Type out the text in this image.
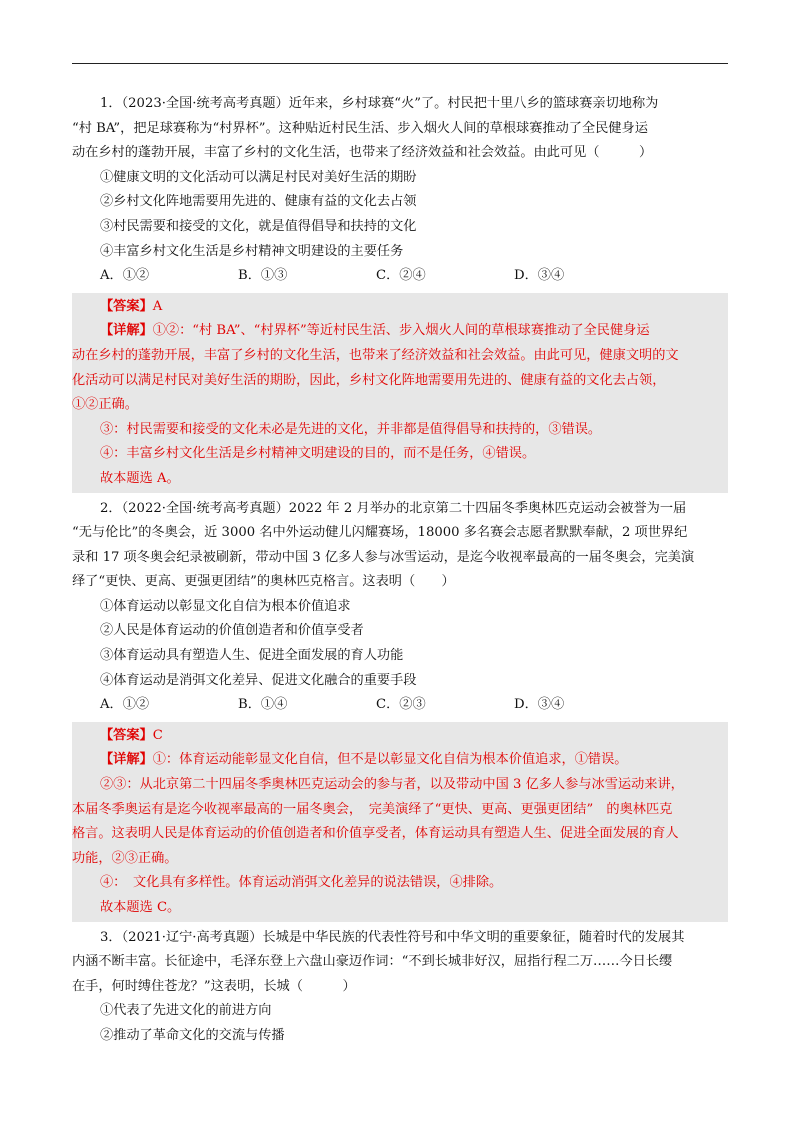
1．（2023·全国·统考高考真题）近年来，乡村球赛“火”了。村民把十里八乡的篮球赛亲切地称为
“村 BA”，把足球赛称为“村界杯”。这种贴近村民生活、步入烟火人间的草根球赛推动了全民健身运
动在乡村的蓬勃开展，丰富了乡村的文化生活，也带来了经济效益和社会效益。由此可见（　　　）
①健康文明的文化活动可以满足村民对美好生活的期盼
②乡村文化阵地需要用先进的、健康有益的文化去占领
③村民需要和接受的文化，就是值得倡导和扶持的文化
④丰富乡村文化生活是乡村精神文明建设的主要任务
A．①②	B．①③	C．②④	D．③④
【答案】A
【详解】①②：“村 BA”、“村界杯”等近村民生活、步入烟火人间的草根球赛推动了全民健身运
动在乡村的蓬勃开展，丰富了乡村的文化生活，也带来了经济效益和社会效益。由此可见，健康文明的文
化活动可以满足村民对美好生活的期盼，因此，乡村文化阵地需要用先进的、健康有益的文化去占领，
①②正确。
③：村民需要和接受的文化未必是先进的文化，并非都是值得倡导和扶持的，③错误。
④：丰富乡村文化生活是乡村精神文明建设的目的，而不是任务，④错误。
故本题选 A。
2．（2022·全国·统考高考真题）2022 年 2 月举办的北京第二十四届冬季奥林匹克运动会被誉为一届
“无与伦比”的冬奥会，近 3000 名中外运动健儿闪耀赛场，18000 多名赛会志愿者默默奉献，2 项世界纪
录和 17 项冬奥会纪录被刷新，带动中国 3 亿多人参与冰雪运动，是迄今收视率最高的一届冬奥会，完美演
绎了“更快、更高、更强更团结”的奥林匹克格言。这表明（　　）
①体育运动以彰显文化自信为根本价值追求
②人民是体育运动的价值创造者和价值享受者
③体育运动具有塑造人生、促进全面发展的育人功能
④体育运动是消弭文化差异、促进文化融合的重要手段
A．①②	B．①④	C．②③	D．③④
【答案】C
【详解】①：体育运动能彰显文化自信，但不是以彰显文化自信为根本价值追求，①错误。
②③：从北京第二十四届冬季奥林匹克运动会的参与者，以及带动中国 3 亿多人参与冰雪运动来讲，
本届冬季奥运有是迄今收视率最高的一届冬奥会，　完美演绎了“更快、更高、更强更团结”　的奥林匹克
格言。这表明人民是体育运动的价值创造者和价值享受者，体育运动具有塑造人生、促进全面发展的育人
功能，②③正确。
④：　文化具有多样性。体育运动消弭文化差异的说法错误，④排除。
故本题选 C。
3．（2021·辽宁·高考真题）长城是中华民族的代表性符号和中华文明的重要象征，随着时代的发展其
内涵不断丰富。长征途中，毛泽东登上六盘山豪迈作词：“不到长城非好汉，屈指行程二万……今日长缨
在手，何时缚住苍龙？”这表明，长城（　　　）
①代表了先进文化的前进方向
②推动了革命文化的交流与传播
